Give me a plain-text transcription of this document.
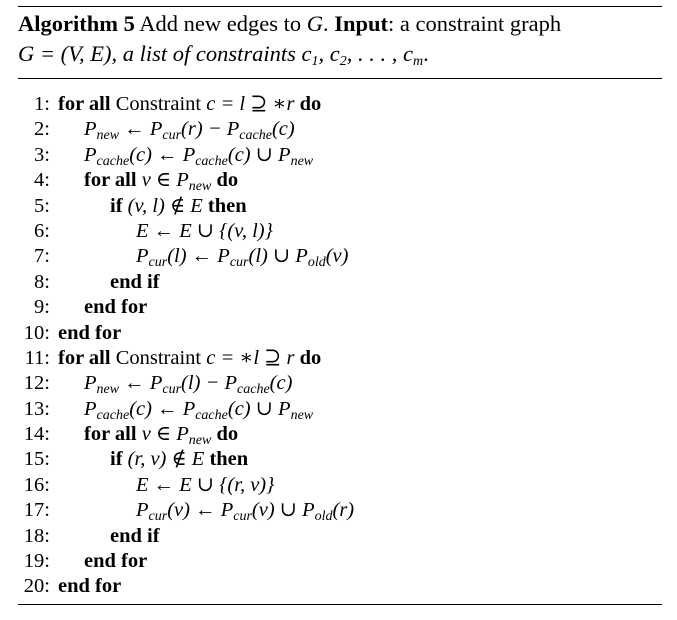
Algorithm 5 Add new edges to G. Input: a constraint graph
G = (V, E), a list of constraints $c_1$, $c_2$, . . . , $c_m$.
1: for all Constraint c = l ⊇ ∗r do
2: $P_{new}$ ← $P_{cur}(r) - P_{cache}(c)$
3: $P_{cache}(c)$ ← $P_{cache}(c)$ ∪ $P_{new}$
4: for all v ∈ $P_{new}$ do
5:	if (v, l) ∉ E then
6:	E ← E ∪ {(v, l)}
7:	$P_{cur}(l)$ ← $P_{cur}(l)$ ∪ $P_{old}(v)$
8:	end if
9: end for
10: end for
11: for all Constraint c = ∗l ⊇ r do
12: $P_{new}$ ← $P_{cur}(l) - P_{cache}(c)$
13: $P_{cache}(c)$ ← $P_{cache}(c)$ ∪ $P_{new}$
14: for all v ∈ $P_{new}$ do
15:	if (r, v) ∉ E then
16:	E ← E ∪ {(r, v)}
17:	$P_{cur}(v)$ ← $P_{cur}(v)$ ∪ $P_{old}(r)$
18:	end if
19: end for
20: end for
